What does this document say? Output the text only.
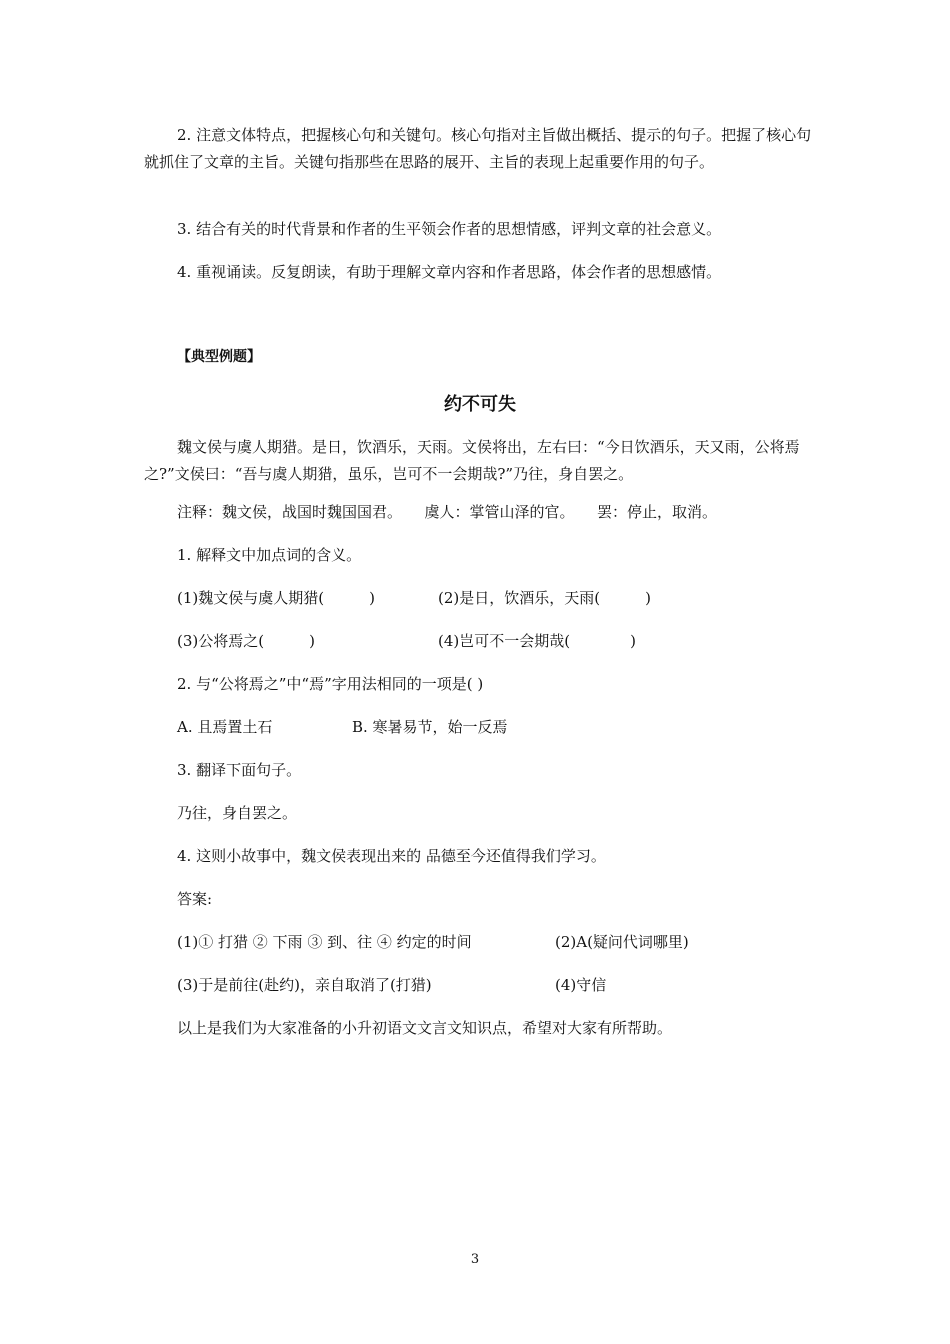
2. 注意文体特点，把握核心句和关键句。核心句指对主旨做出概括、提示的句子。把握了核心句就抓住了文章的主旨。关键句指那些在思路的展开、主旨的表现上起重要作用的句子。

3. 结合有关的时代背景和作者的生平领会作者的思想情感，评判文章的社会意义。

4. 重视诵读。反复朗读，有助于理解文章内容和作者思路，体会作者的思想感情。

【典型例题】

约不可失

魏文侯与虞人期猎。是日，饮酒乐，天雨。文侯将出，左右曰：“今日饮酒乐，天又雨，公将焉之?”文侯曰：“吾与虞人期猎，虽乐，岂可不一会期哉?”乃往，身自罢之。

注释：魏文侯，战国时魏国国君。　　虞人：掌管山泽的官。　　罢：停止，取消。

1. 解释文中加点词的含义。

(1)魏文侯与虞人期猎(　　　)	(2)是日，饮酒乐，天雨(　　　)

(3)公将焉之(　　　)	(4)岂可不一会期哉(　　　　)

2. 与“公将焉之”中“焉”字用法相同的一项是( )

A. 且焉置土石	B. 寒暑易节，始一反焉

3. 翻译下面句子。

乃往，身自罢之。

4. 这则小故事中，魏文侯表现出来的 品德至今还值得我们学习。

答案:

(1)① 打猎 ② 下雨 ③ 到、往 ④ 约定的时间	(2)A(疑问代词哪里)

(3)于是前往(赴约)，亲自取消了(打猎)	(4)守信

以上是我们为大家准备的小升初语文文言文知识点，希望对大家有所帮助。

3
